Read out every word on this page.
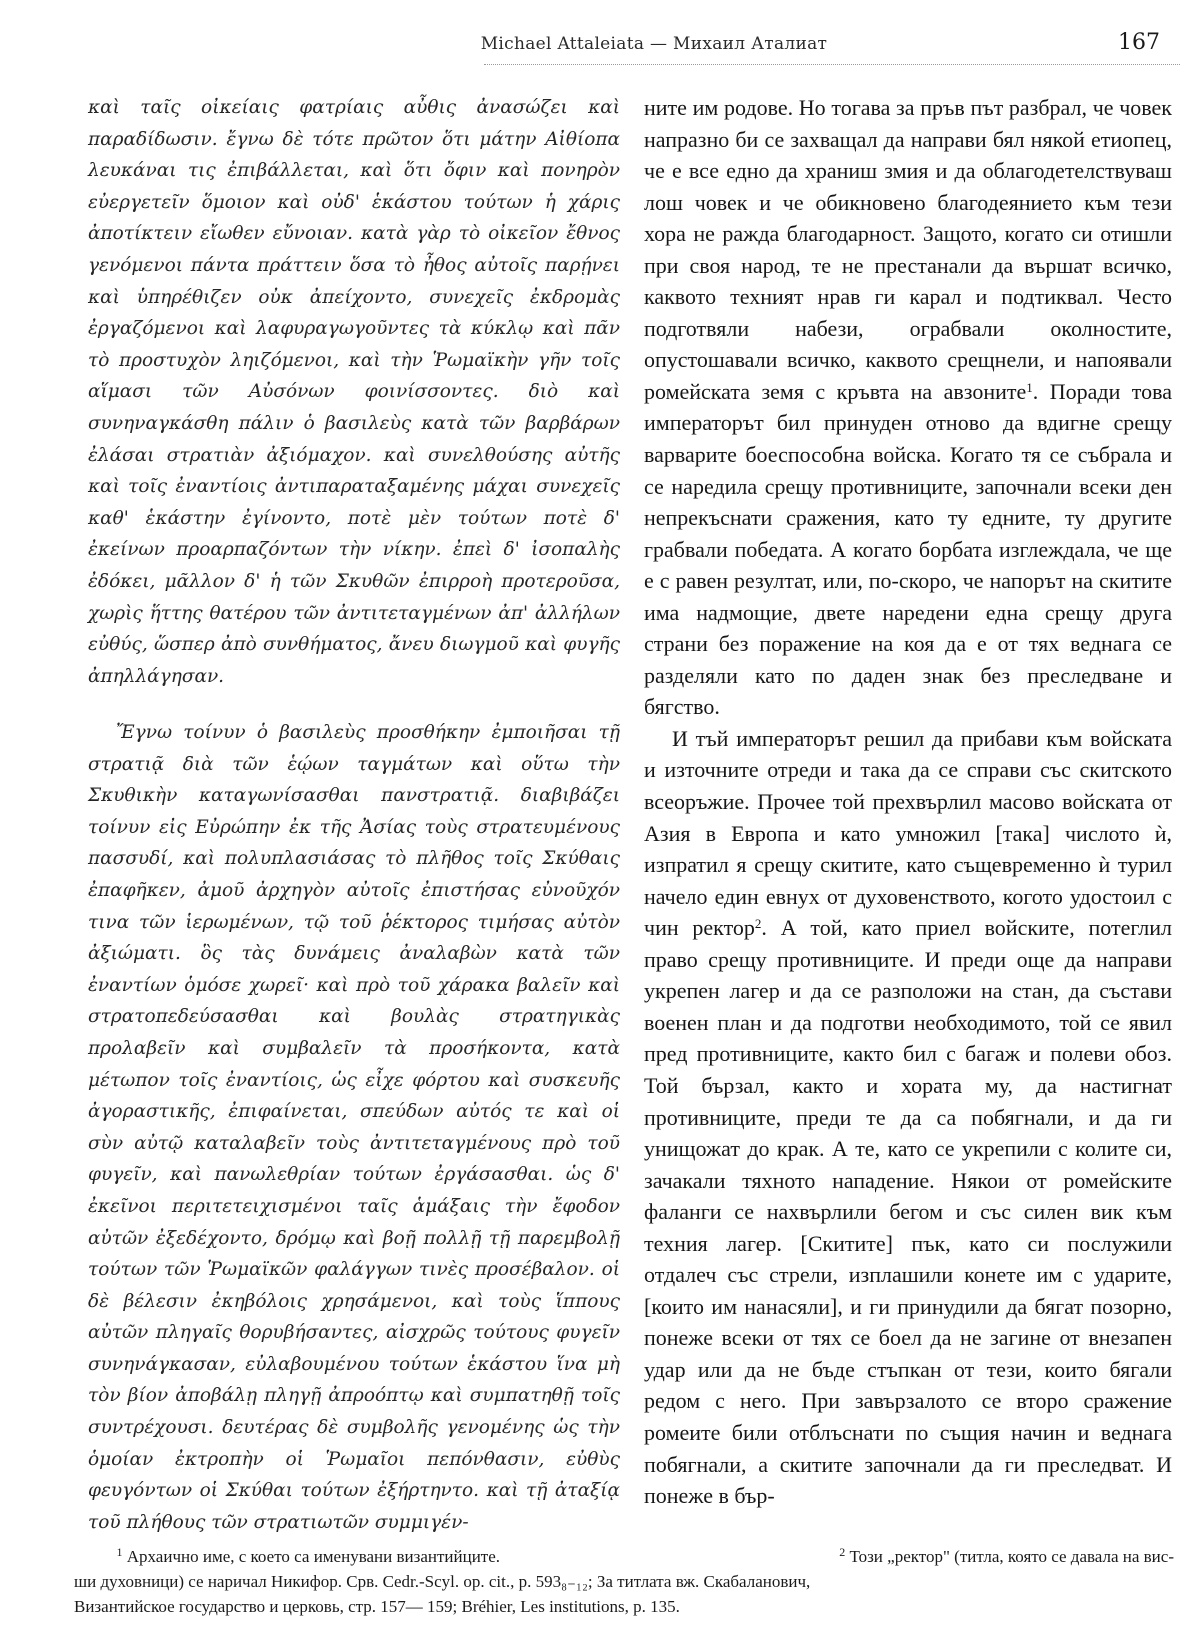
Michael Attaleiata — Михаил Аталиат	167

καὶ ταῖς οἰκείαις φατρίαις αὖθις ἀνασώζει καὶ παραδίδωσιν. ἔγνω δὲ τότε πρῶτον ὅτι μάτην Αἰθίοπα λευκάναι τις ἐπιβάλλεται, καὶ ὅτι ὄφιν καὶ πονηρὸν εὐεργετεῖν ὅμοιον καὶ οὐδ' ἑκάστου τούτων ἡ χάρις ἀποτίκτειν εἴωθεν εὔνοιαν. κατὰ γὰρ τὸ οἰκεῖον ἔθνος γενόμενοι πάντα πράττειν ὅσα τὸ ἦθος αὐτοῖς παρῄνει καὶ ὑπηρέθιζεν οὐκ ἀπείχοντο, συνεχεῖς ἐκδρομὰς ἐργαζόμενοι καὶ λαφυραγωγοῦντες τὰ κύκλῳ καὶ πᾶν τὸ προστυχὸν ληιζόμενοι, καὶ τὴν Ῥωμαϊκὴν γῆν τοῖς αἵμασι τῶν Αὐσόνων φοινίσσοντες. διὸ καὶ συνηναγκάσθη πάλιν ὁ βασιλεὺς κατὰ τῶν βαρβάρων ἐλάσαι στρατιὰν ἀξιόμαχον. καὶ συνελθούσης αὐτῆς καὶ τοῖς ἐναντίοις ἀντιπαραταξαμένης μάχαι συνεχεῖς καθ' ἑκάστην ἐγίνοντο, ποτὲ μὲν τούτων ποτὲ δ' ἐκείνων προαρπαζόντων τὴν νίκην. ἐπεὶ δ' ἰσοπαλὴς ἐδόκει, μᾶλλον δ' ἡ τῶν Σκυθῶν ἐπιρροὴ προτεροῦσα, χωρὶς ἥττης θατέρου τῶν ἀντιτεταγμένων ἀπ' ἀλλήλων εὐθύς, ὥσπερ ἀπὸ συνθήματος, ἄνευ διωγμοῦ καὶ φυγῆς ἀπηλλάγησαν.

Ἔγνω τοίνυν ὁ βασιλεὺς προσθήκην ἐμποιῆσαι τῇ στρατιᾷ διὰ τῶν ἑῴων ταγμάτων καὶ οὕτω τὴν Σκυθικὴν καταγωνίσασθαι πανστρατιᾷ. διαβιβάζει τοίνυν εἰς Εὐρώπην ἐκ τῆς Ἀσίας τοὺς στρατευμένους πασσυδί, καὶ πολυπλασιάσας τὸ πλῆθος τοῖς Σκύθαις ἐπαφῆκεν, ἀμοῦ ἀρχηγὸν αὐτοῖς ἐπιστήσας εὐνοῦχόν τινα τῶν ἱερωμένων, τῷ τοῦ ῥέκτορος τιμήσας αὐτὸν ἀξιώματι. ὃς τὰς δυνάμεις ἀναλαβὼν κατὰ τῶν ἐναντίων ὁμόσε χωρεῖ· καὶ πρὸ τοῦ χάρακα βαλεῖν καὶ στρατοπεδεύσασθαι καὶ βουλὰς στρατηγικὰς προλαβεῖν καὶ συμβαλεῖν τὰ προσήκοντα, κατὰ μέτωπον τοῖς ἐναντίοις, ὡς εἶχε φόρτου καὶ συσκευῆς ἀγοραστικῆς, ἐπιφαίνεται, σπεύδων αὐτός τε καὶ οἱ σὺν αὐτῷ καταλαβεῖν τοὺς ἀντιτεταγμένους πρὸ τοῦ φυγεῖν, καὶ πανωλεθρίαν τούτων ἐργάσασθαι. ὡς δ' ἐκεῖνοι περιτετειχισμένοι ταῖς ἁμάξαις τὴν ἔφοδον αὐτῶν ἐξεδέχοντο, δρόμῳ καὶ βοῇ πολλῇ τῇ παρεμβολῇ τούτων τῶν Ῥωμαϊκῶν φαλάγγων τινὲς προσέβαλον. οἱ δὲ βέλεσιν ἐκηβόλοις χρησάμενοι, καὶ τοὺς ἵππους αὐτῶν πληγαῖς θορυβήσαντες, αἰσχρῶς τούτους φυγεῖν συνηνάγκασαν, εὐλαβουμένου τούτων ἑκάστου ἵνα μὴ τὸν βίον ἀποβάλῃ πληγῇ ἀπροόπτῳ καὶ συμπατηθῇ τοῖς συντρέχουσι. δευτέρας δὲ συμβολῆς γενομένης ὡς τὴν ὁμοίαν ἐκτροπὴν οἱ Ῥωμαῖοι πεπόνθασιν, εὐθὺς φευγόντων οἱ Σκύθαι τούτων ἐξήρτηντο. καὶ τῇ ἀταξίᾳ τοῦ πλήθους τῶν στρατιωτῶν συμμιγέν-

ните им родове. Но тогава за пръв път разбрал, че човек напразно би се захващал да направи бял някой етиопец, че е все едно да храниш змия и да облагодетелствуваш лош човек и че обикновено благодеянието към тези хора не ражда благодарност. Защото, когато си отишли при своя народ, те не престанали да вършат всичко, каквото техният нрав ги карал и подтиквал. Често подготвяли набези, ограбвали околностите, опустошавали всичко, каквото срещнели, и напоявали ромейската земя с кръвта на авзоните$^1$. Поради това императорът бил принуден отново да вдигне срещу варварите боеспособна войска. Когато тя се събрала и се наредила срещу противниците, започнали всеки ден непрекъснати сражения, като ту едните, ту другите грабвали победата. А когато борбата изглеждала, че ще е с равен резултат, или, по-скоро, че напорът на скитите има надмощие, двете наредени една срещу друга страни без поражение на коя да е от тях веднага се разделяли като по даден знак без преследване и бягство.

И тъй императорът решил да прибави към войската и източните отреди и така да се справи със скитското всеоръжие. Прочее той прехвърлил масово войската от Азия в Европа и като умножил [така] числото ѝ, изпратил я срещу скитите, като същевременно ѝ турил начело един евнух от духовенството, когото удостоил с чин ректор$^2$. А той, като приел войските, потеглил право срещу противниците. И преди още да направи укрепен лагер и да се разположи на стан, да състави военен план и да подготви необходимото, той се явил пред противниците, както бил с багаж и полеви обоз. Той бързал, както и хората му, да настигнат противниците, преди те да са побягнали, и да ги унищожат до крак. А те, като се укрепили с колите си, зачакали тяхното нападение. Някои от ромейските фаланги се нахвърлили бегом и със силен вик към техния лагер. [Скитите] пък, като си послужили отдалеч със стрели, изплашили конете им с ударите, [които им нанасяли], и ги принудили да бягат позорно, понеже всеки от тях се боел да не загине от внезапен удар или да не бъде стъпкан от тези, които бягали редом с него. При завързалото се второ сражение ромеите били отблъснати по същия начин и веднага побягнали, а скитите започнали да ги преследват. И понеже в бър-

$^1$ Архаично име, с което са именувани византийците.	$^2$ Този „ректор" (титла, която се давала на вис-

ши духовници) се наричал Никифор. Срв. Cedr.-Scyl. op. cit., p. 593₈₋₁₂; За титлата вж. Скабаланович,

Византийское государство и церковь, стр. 157— 159; Bréhier, Les institutions, p. 135.
